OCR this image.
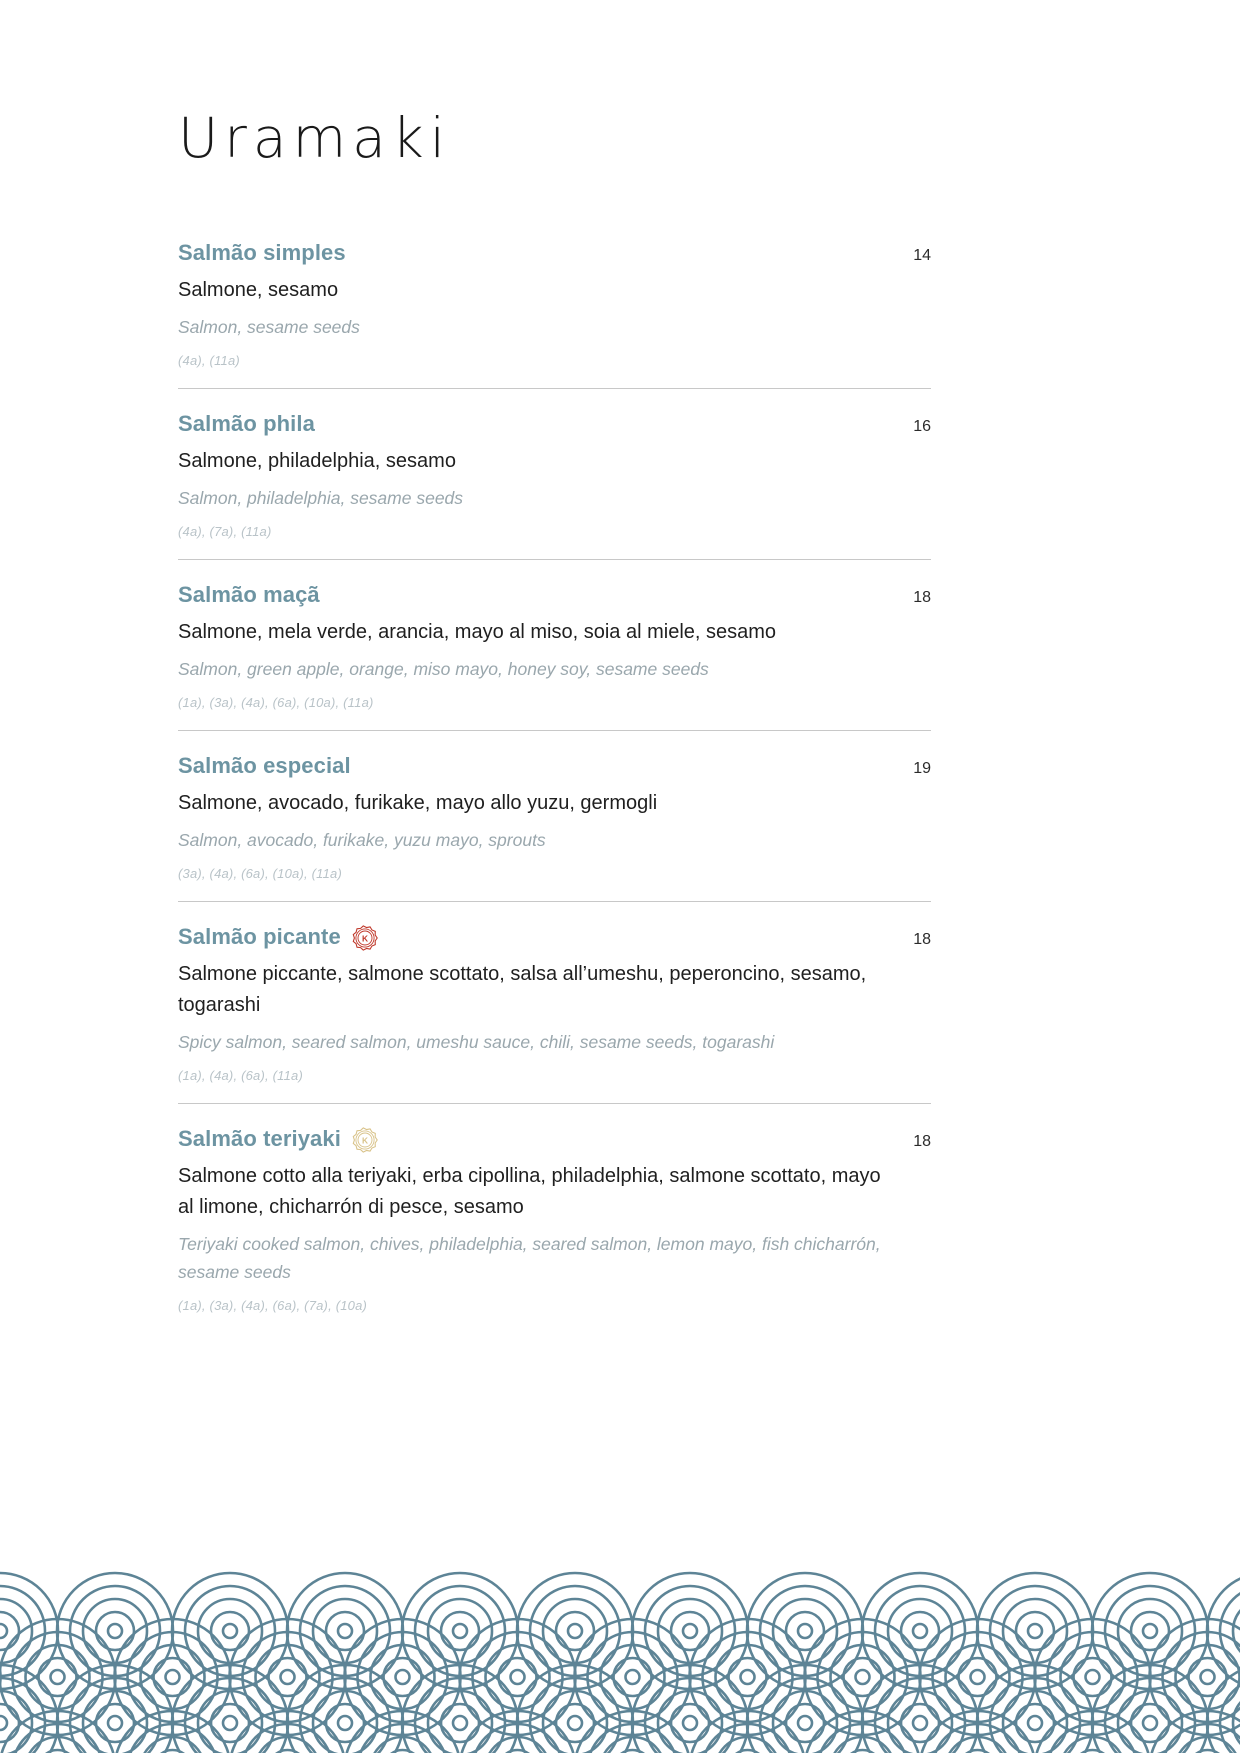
Uramaki
Salmão simples	14
Salmone, sesamo
Salmon, sesame seeds
(4a), (11a)
Salmão phila	16
Salmone, philadelphia, sesamo
Salmon, philadelphia, sesame seeds
(4a), (7a), (11a)
Salmão maçã	18
Salmone, mela verde, arancia, mayo al miso, soia al miele, sesamo
Salmon, green apple, orange, miso mayo, honey soy, sesame seeds
(1a), (3a), (4a), (6a), (10a), (11a)
Salmão especial	19
Salmone, avocado, furikake, mayo allo yuzu, germogli
Salmon, avocado, furikake, yuzu mayo, sprouts
(3a), (4a), (6a), (10a), (11a)
Salmão picante K	18
Salmone piccante, salmone scottato, salsa all’umeshu, peperoncino, sesamo, togarashi
Spicy salmon, seared salmon, umeshu sauce, chili, sesame seeds, togarashi
(1a), (4a), (6a), (11a)
Salmão teriyaki K	18
Salmone cotto alla teriyaki, erba cipollina, philadelphia, salmone scottato, mayo al limone, chicharrón di pesce, sesamo
Teriyaki cooked salmon, chives, philadelphia, seared salmon, lemon mayo, fish chicharrón, sesame seeds
(1a), (3a), (4a), (6a), (7a), (10a)
